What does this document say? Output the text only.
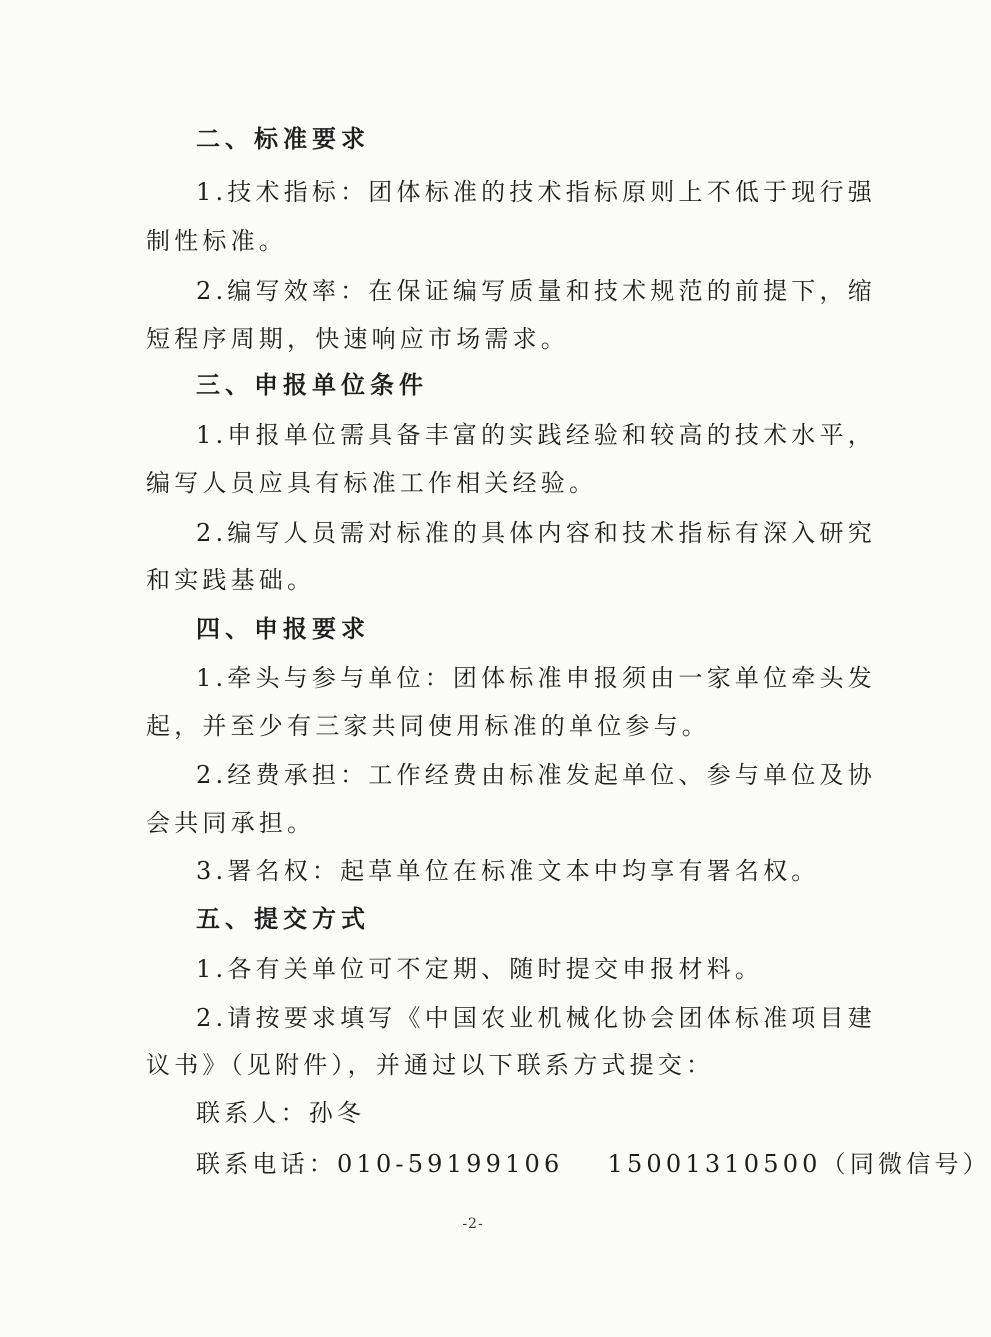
二、标准要求
1.技术指标：团体标准的技术指标原则上不低于现行强
制性标准。
2.编写效率：在保证编写质量和技术规范的前提下，缩
短程序周期，快速响应市场需求。
三、申报单位条件
1.申报单位需具备丰富的实践经验和较高的技术水平，
编写人员应具有标准工作相关经验。
2.编写人员需对标准的具体内容和技术指标有深入研究
和实践基础。
四、申报要求
1.牵头与参与单位：团体标准申报须由一家单位牵头发
起，并至少有三家共同使用标准的单位参与。
2.经费承担：工作经费由标准发起单位、参与单位及协
会共同承担。
3.署名权：起草单位在标准文本中均享有署名权。
五、提交方式
1.各有关单位可不定期、随时提交申报材料。
2.请按要求填写《中国农业机械化协会团体标准项目建
议书》（见附件），并通过以下联系方式提交：
联系人：孙冬
联系电话：010-59199106 15001310500（同微信号）
-2-
